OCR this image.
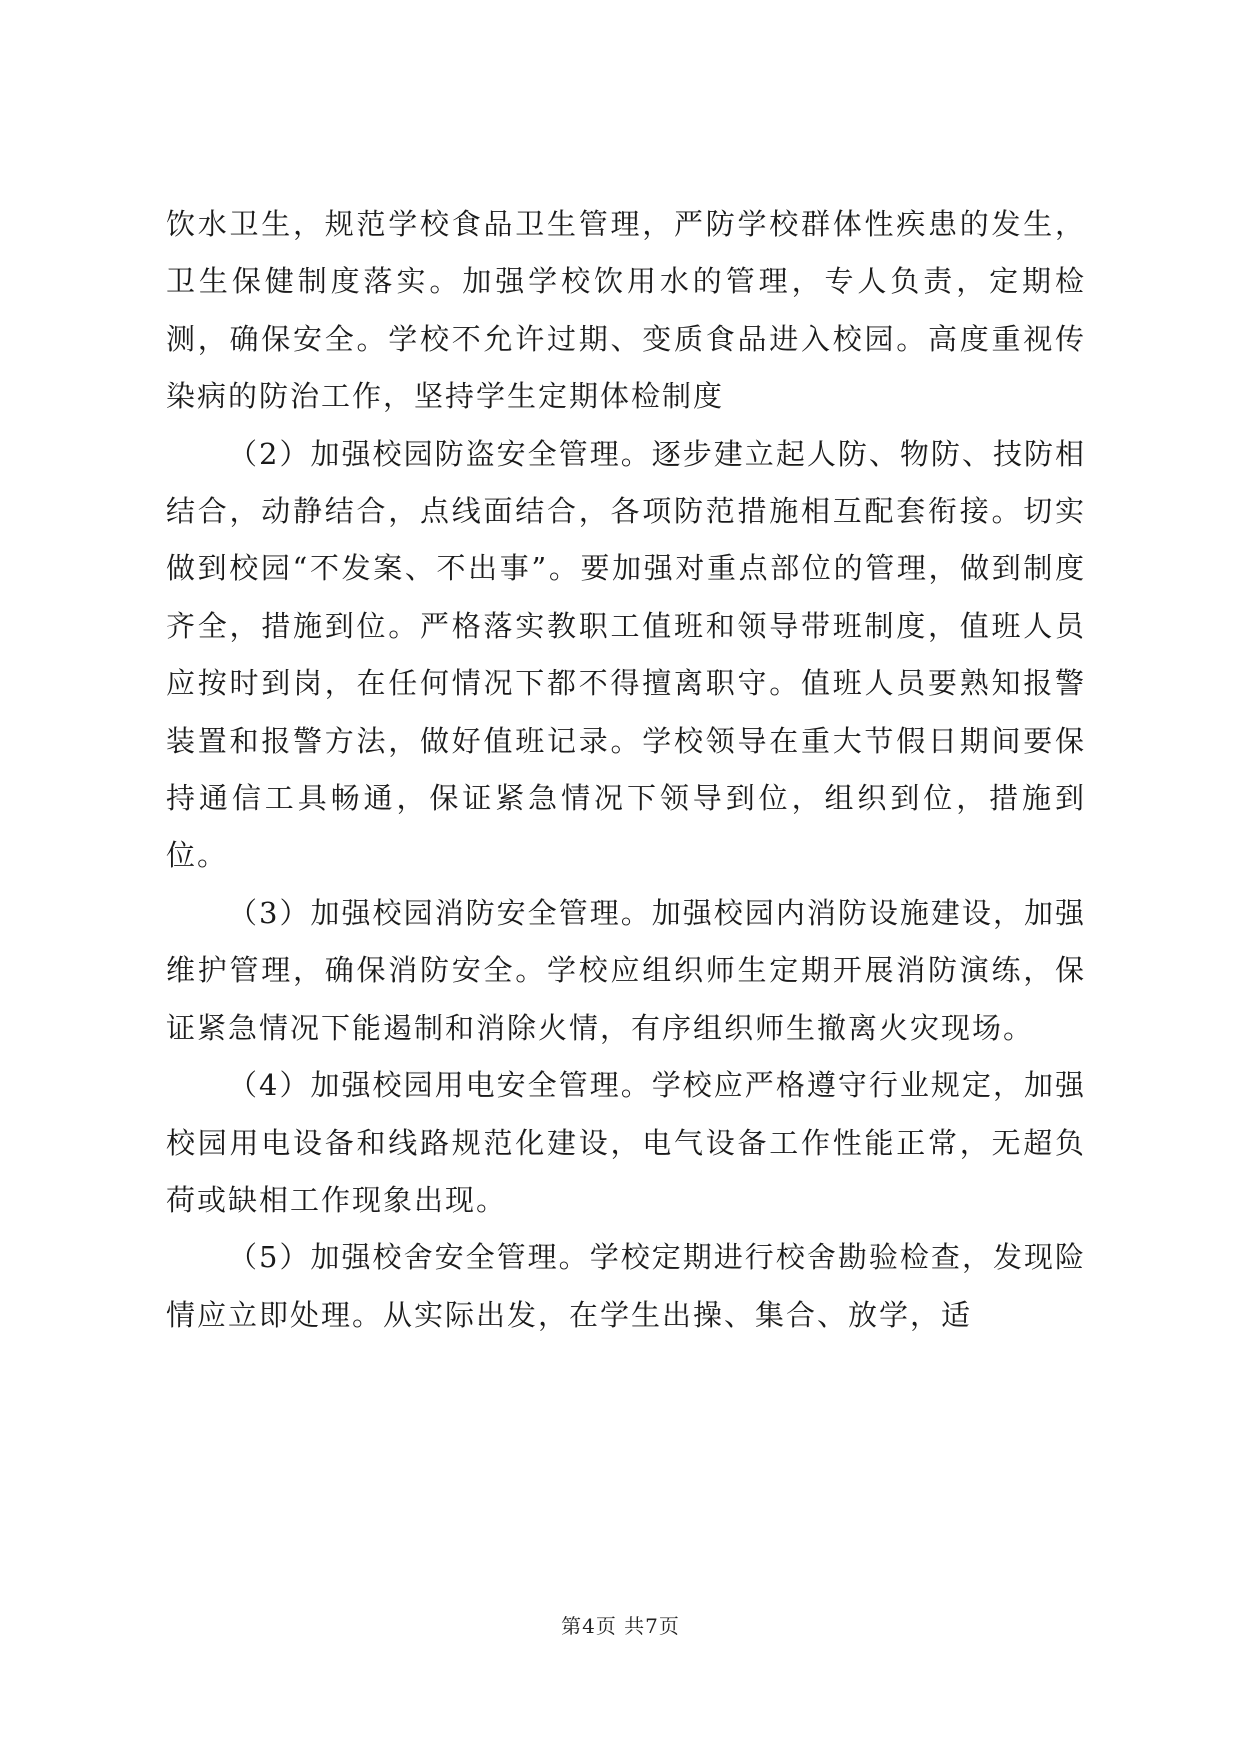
饮水卫生，规范学校食品卫生管理，严防学校群体性疾患的发生，卫生保健制度落实。加强学校饮用水的管理，专人负责，定期检测，确保安全。学校不允许过期、变质食品进入校园。高度重视传染病的防治工作，坚持学生定期体检制度

（2）加强校园防盗安全管理。逐步建立起人防、物防、技防相结合，动静结合，点线面结合，各项防范措施相互配套衔接。切实做到校园“不发案、不出事”。要加强对重点部位的管理，做到制度齐全，措施到位。严格落实教职工值班和领导带班制度，值班人员应按时到岗，在任何情况下都不得擅离职守。值班人员要熟知报警装置和报警方法，做好值班记录。学校领导在重大节假日期间要保持通信工具畅通，保证紧急情况下领导到位，组织到位，措施到位。

（3）加强校园消防安全管理。加强校园内消防设施建设，加强维护管理，确保消防安全。学校应组织师生定期开展消防演练，保证紧急情况下能遏制和消除火情，有序组织师生撤离火灾现场。

（4）加强校园用电安全管理。学校应严格遵守行业规定，加强校园用电设备和线路规范化建设，电气设备工作性能正常，无超负荷或缺相工作现象出现。

（5）加强校舍安全管理。学校定期进行校舍勘验检查，发现险情应立即处理。从实际出发，在学生出操、集合、放学，适

第4页 共7页
